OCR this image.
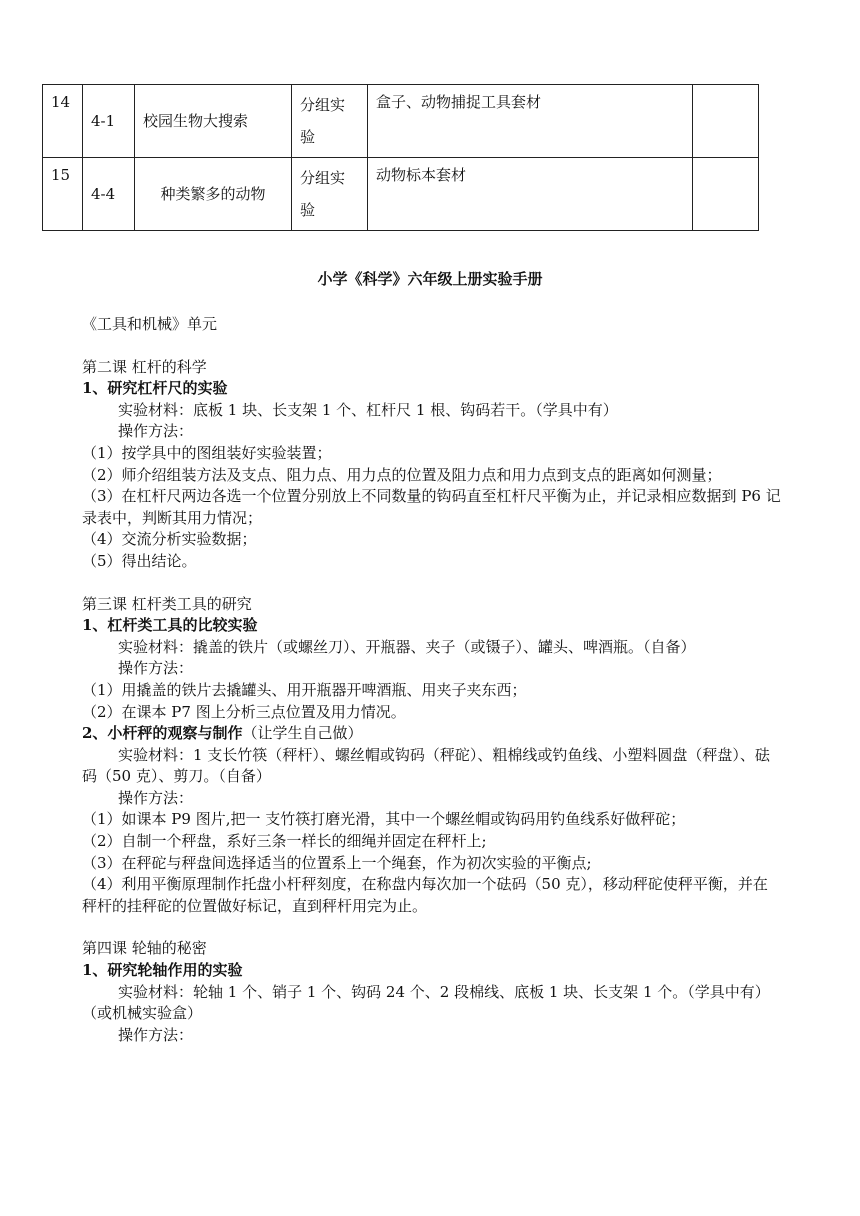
14	4-1	校园生物大搜索	分组实验	盒子、动物捕捉工具套材	
15	4-4	种类繁多的动物	分组实验	动物标本套材	
小学《科学》六年级上册实验手册

《工具和机械》单元

第二课 杠杆的科学

1、研究杠杆尺的实验

实验材料：底板 1 块、长支架 1 个、杠杆尺 1 根、钩码若干。（学具中有）

操作方法：

（1）按学具中的图组装好实验装置；

（2）师介绍组装方法及支点、阻力点、用力点的位置及阻力点和用力点到支点的距离如何测量；

（3）在杠杆尺两边各选一个位置分别放上不同数量的钩码直至杠杆尺平衡为止，并记录相应数据到 P6 记录表中，判断其用力情况；

（4）交流分析实验数据；

（5）得出结论。

第三课 杠杆类工具的研究

1、杠杆类工具的比较实验

实验材料：撬盖的铁片（或螺丝刀）、开瓶器、夹子（或镊子）、罐头、啤酒瓶。（自备）

操作方法：

（1）用撬盖的铁片去撬罐头、用开瓶器开啤酒瓶、用夹子夹东西；

（2）在课本 P7 图上分析三点位置及用力情况。

2、小杆秤的观察与制作（让学生自己做）

实验材料：1 支长竹筷（秤杆）、螺丝帽或钩码（秤砣）、粗棉线或钓鱼线、小塑料圆盘（秤盘）、砝码（50 克）、剪刀。（自备）

操作方法：

（1）如课本 P9 图片,把一 支竹筷打磨光滑，其中一个螺丝帽或钩码用钓鱼线系好做秤砣；

（2）自制一个秤盘，系好三条一样长的细绳并固定在秤杆上;

（3）在秤砣与秤盘间选择适当的位置系上一个绳套，作为初次实验的平衡点;

（4）利用平衡原理制作托盘小杆秤刻度，在称盘内每次加一个砝码（50 克），移动秤砣使秤平衡，并在秤杆的挂秤砣的位置做好标记，直到秤杆用完为止。

第四课 轮轴的秘密

1、研究轮轴作用的实验

实验材料：轮轴 1 个、销子 1 个、钩码 24 个、2 段棉线、底板 1 块、长支架 1 个。（学具中有）（或机械实验盒）

操作方法：
